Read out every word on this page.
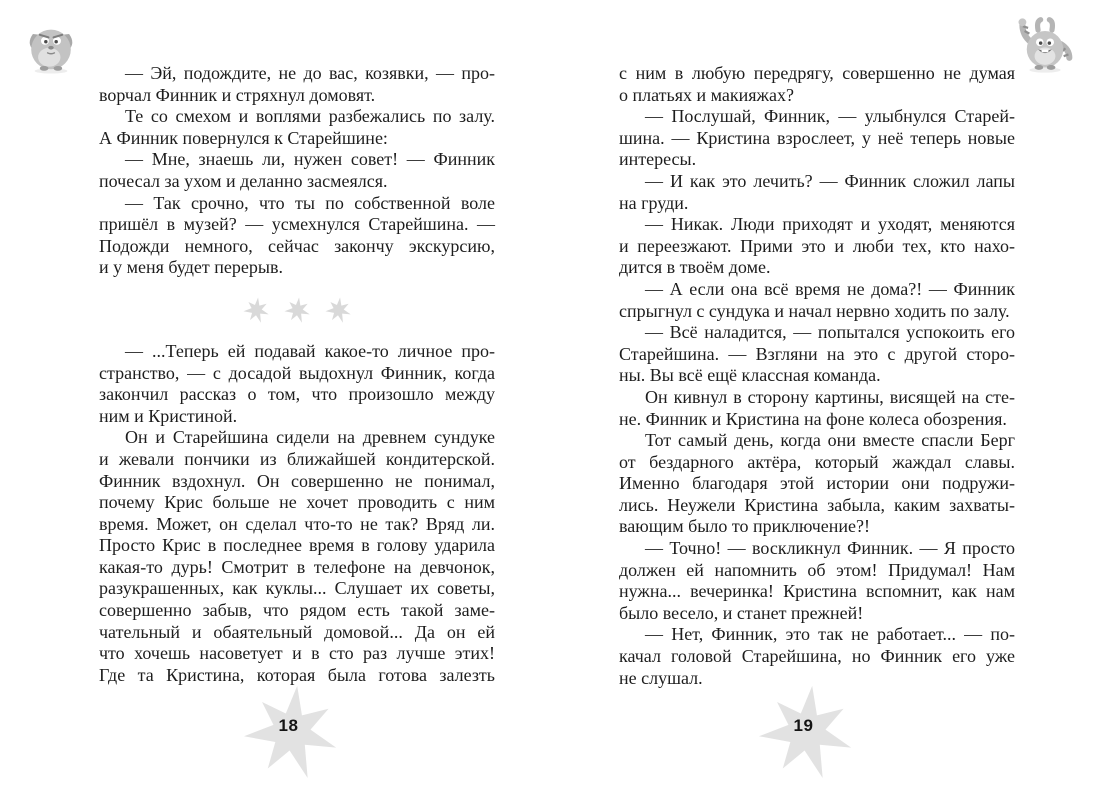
— Эй, подождите, не до вас, козявки, — про-
ворчал Финник и стряхнул домовят.
Те со смехом и воплями разбежались по залу.
А Финник повернулся к Старейшине:
— Мне, знаешь ли, нужен совет! — Финник
почесал за ухом и деланно засмеялся.
— Так срочно, что ты по собственной воле
пришёл в музей? — усмехнулся Старейшина. —
Подожди немного, сейчас закончу экскурсию,
и у меня будет перерыв.
— ...Теперь ей подавай какое-то личное про-
странство, — с досадой выдохнул Финник, когда
закончил рассказ о том, что произошло между
ним и Кристиной.
Он и Старейшина сидели на древнем сундуке
и жевали пончики из ближайшей кондитерской.
Финник вздохнул. Он совершенно не понимал,
почему Крис больше не хочет проводить с ним
время. Может, он сделал что-то не так? Вряд ли.
Просто Крис в последнее время в голову ударила
какая-то дурь! Смотрит в телефоне на девчонок,
разукрашенных, как куклы... Слушает их советы,
совершенно забыв, что рядом есть такой заме-
чательный и обаятельный домовой... Да он ей
что хочешь насоветует и в сто раз лучше этих!
Где та Кристина, которая была готова залезть
с ним в любую передрягу, совершенно не думая
о платьях и макияжах?
— Послушай, Финник, — улыбнулся Старей-
шина. — Кристина взрослеет, у неё теперь новые
интересы.
— И как это лечить? — Финник сложил лапы
на груди.
— Никак. Люди приходят и уходят, меняются
и переезжают. Прими это и люби тех, кто нахо-
дится в твоём доме.
— А если она всё время не дома?! — Финник
спрыгнул с сундука и начал нервно ходить по залу.
— Всё наладится, — попытался успокоить его
Старейшина. — Взгляни на это с другой сторо-
ны. Вы всё ещё классная команда.
Он кивнул в сторону картины, висящей на сте-
не. Финник и Кристина на фоне колеса обозрения.
Тот самый день, когда они вместе спасли Берг
от бездарного актёра, который жаждал славы.
Именно благодаря этой истории они подружи-
лись. Неужели Кристина забыла, каким захваты-
вающим было то приключение?!
— Точно! — воскликнул Финник. — Я просто
должен ей напомнить об этом! Придумал! Нам
нужна... вечеринка! Кристина вспомнит, как нам
было весело, и станет прежней!
— Нет, Финник, это так не работает... — по-
качал головой Старейшина, но Финник его уже
не слушал.
18	19
